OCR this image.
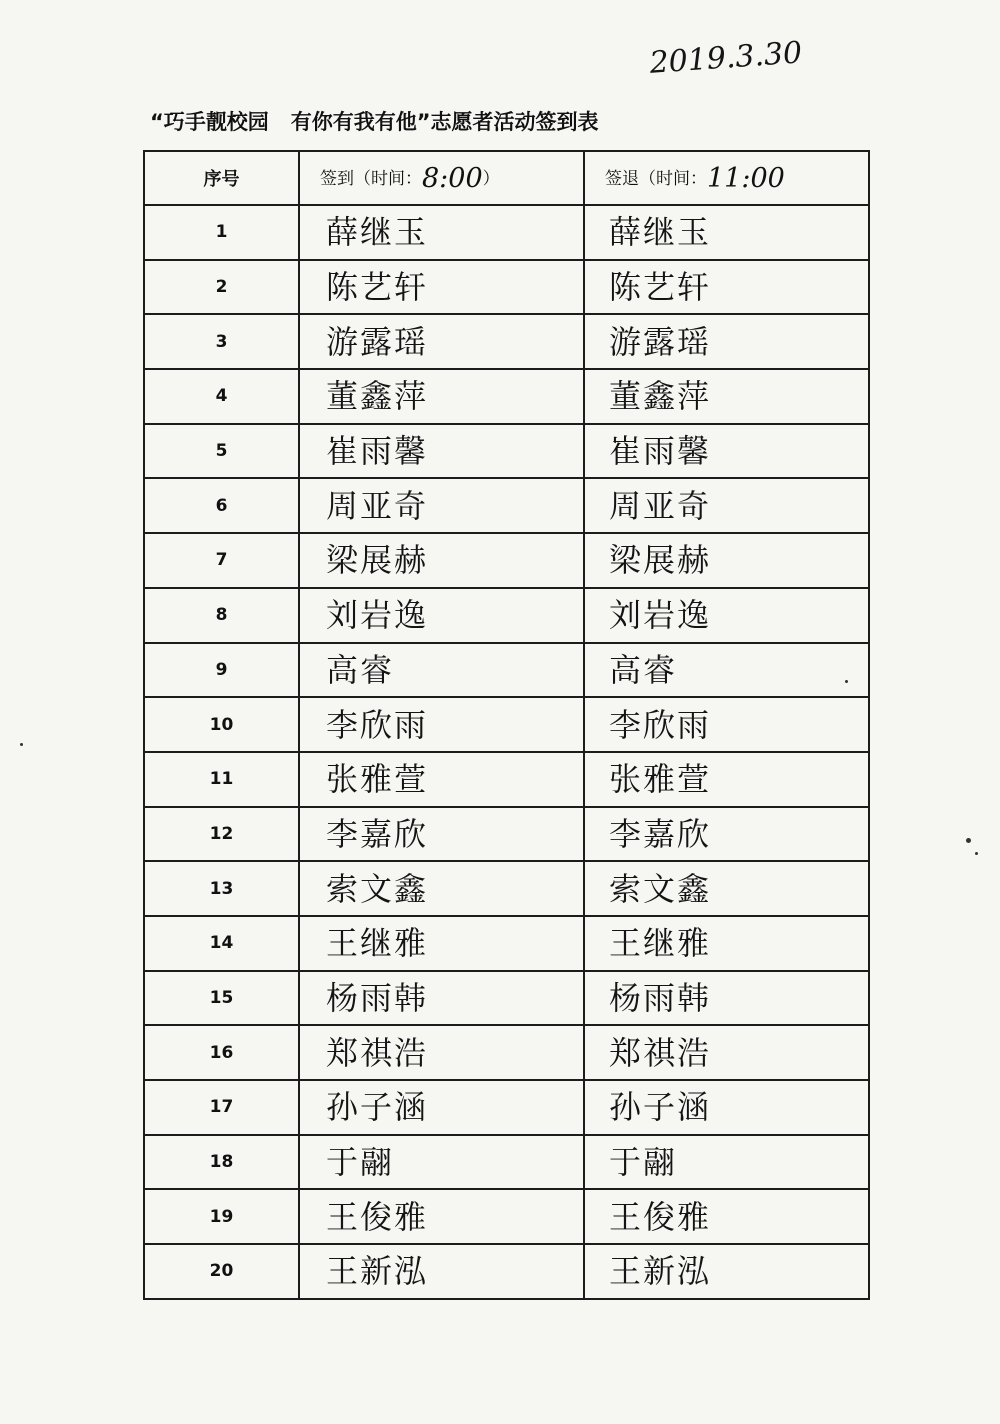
2019.3.30
“巧手靓校园   有你有我有他”志愿者活动签到表
序号	签到（时间：8:00）	签退（时间：11:00
1	薛继玉	薛继玉
2	陈艺轩	陈艺轩
3	游露瑶	游露瑶
4	董鑫萍	董鑫萍
5	崔雨馨	崔雨馨
6	周亚奇	周亚奇
7	梁展赫	梁展赫
8	刘岩逸	刘岩逸
9	高睿	高睿
10	李欣雨	李欣雨
11	张雅萱	张雅萱
12	李嘉欣	李嘉欣
13	索文鑫	索文鑫
14	王继雅	王继雅
15	杨雨韩	杨雨韩
16	郑祺浩	郑祺浩
17	孙子涵	孙子涵
18	于翮	于翮
19	王俊雅	王俊雅
20	王新泓	王新泓
